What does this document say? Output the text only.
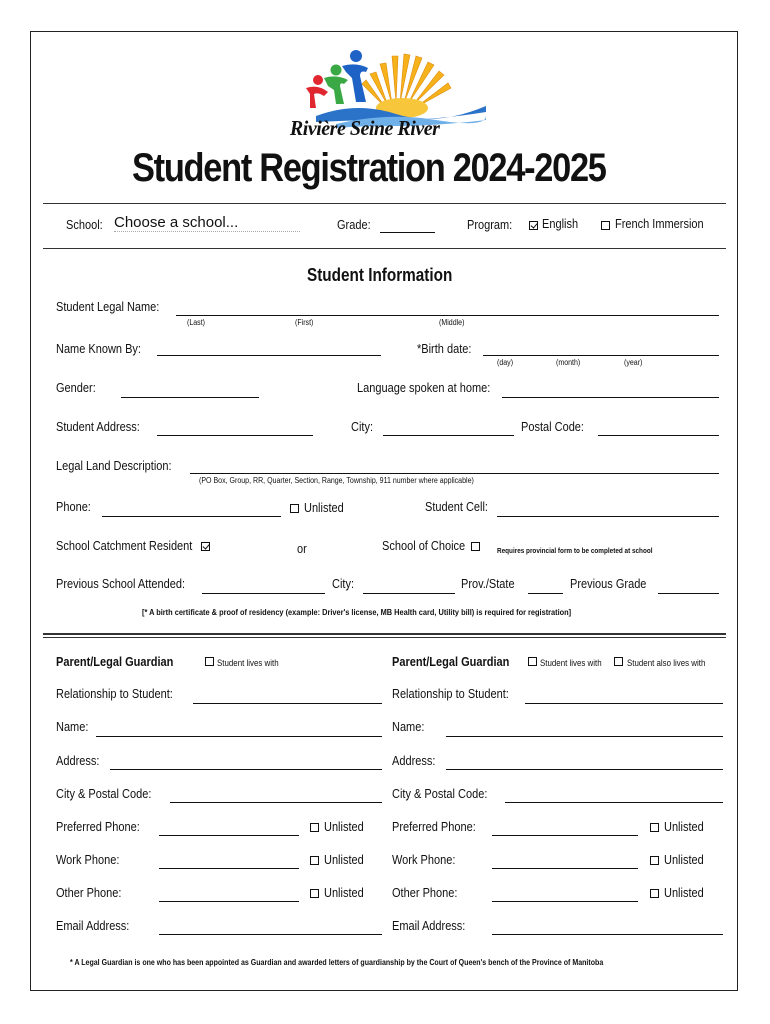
Rivière Seine River
Student Registration 2024-2025
School: Choose a school...	Grade:	Program: English	French Immersion
Student Information
Student Legal Name:
(Last)	(First)	(Middle)
Name Known By:	*Birth date:
(day)	(month)	(year)
Gender:	Language spoken at home:
Student Address:	City:	Postal Code:
Legal Land Description:
(PO Box, Group, RR, Quarter, Section, Range, Township, 911 number where applicable)
Phone:	Unlisted	Student Cell:
School Catchment Resident	or	School of Choice	Requires provincial form to be completed at school
Previous School Attended:	City:	Prov./State	Previous Grade
[* A birth certificate & proof of residency (example: Driver's license, MB Health card, Utility bill) is required for registration]
Parent/Legal Guardian	Student lives with
Relationship to Student:
Name:
Address:
City & Postal Code:
Preferred Phone:	Unlisted
Work Phone:	Unlisted
Other Phone:	Unlisted
Email Address:
Parent/Legal Guardian	Student lives with	Student also lives with
Relationship to Student:
Name:
Address:
City & Postal Code:
Preferred Phone:	Unlisted
Work Phone:	Unlisted
Other Phone:	Unlisted
Email Address:
* A Legal Guardian is one who has been appointed as Guardian and awarded letters of guardianship by the Court of Queen's bench of the Province of Manitoba
